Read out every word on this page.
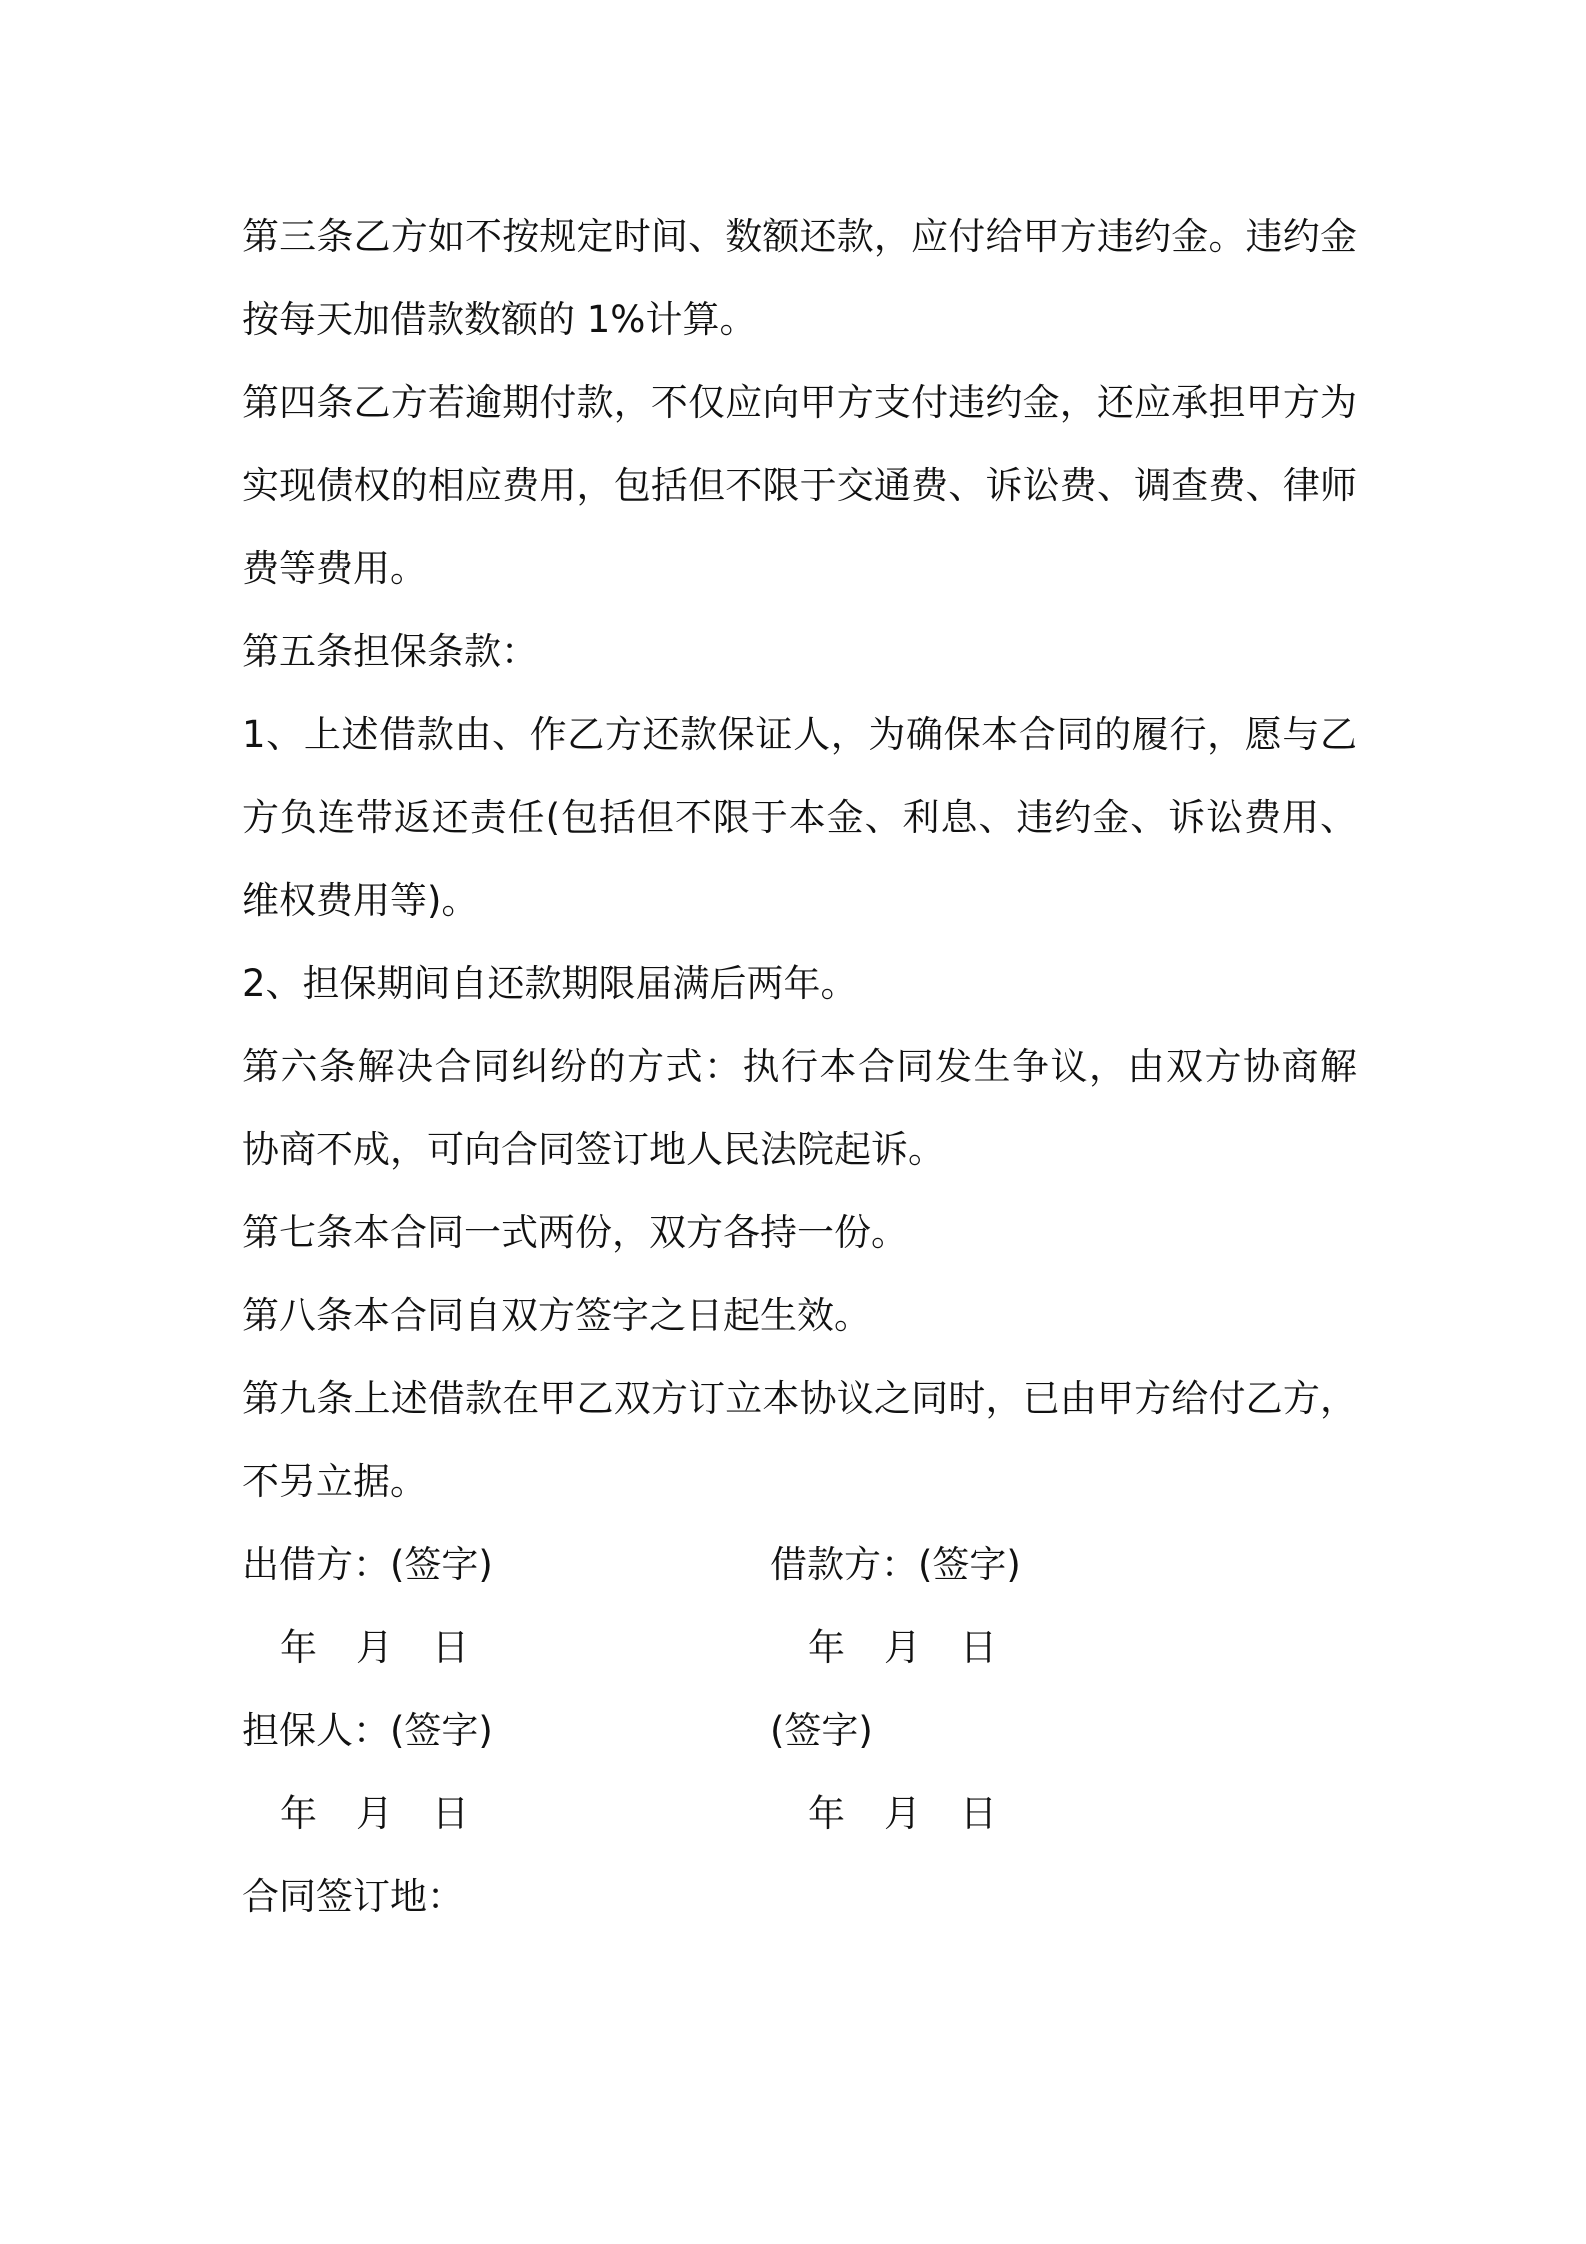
第三条乙方如不按规定时间、数额还款，应付给甲方违约金。违约金
按每天加借款数额的 1%计算。
第四条乙方若逾期付款，不仅应向甲方支付违约金，还应承担甲方为
实现债权的相应费用，包括但不限于交通费、诉讼费、调查费、律师
费等费用。
第五条担保条款：
1、上述借款由、作乙方还款保证人，为确保本合同的履行，愿与乙
方负连带返还责任(包括但不限于本金、利息、违约金、诉讼费用、
维权费用等)。
2、担保期间自还款期限届满后两年。
第六条解决合同纠纷的方式：执行本合同发生争议，由双方协商解
协商不成，可向合同签订地人民法院起诉。
第七条本合同一式两份，双方各持一份。
第八条本合同自双方签字之日起生效。
第九条上述借款在甲乙双方订立本协议之同时，已由甲方给付乙方，
不另立据。
出借方：(签字)	借款方：(签字)
年 月 日	年 月 日
担保人：(签字)	(签字)
年 月 日	年 月 日
合同签订地：
